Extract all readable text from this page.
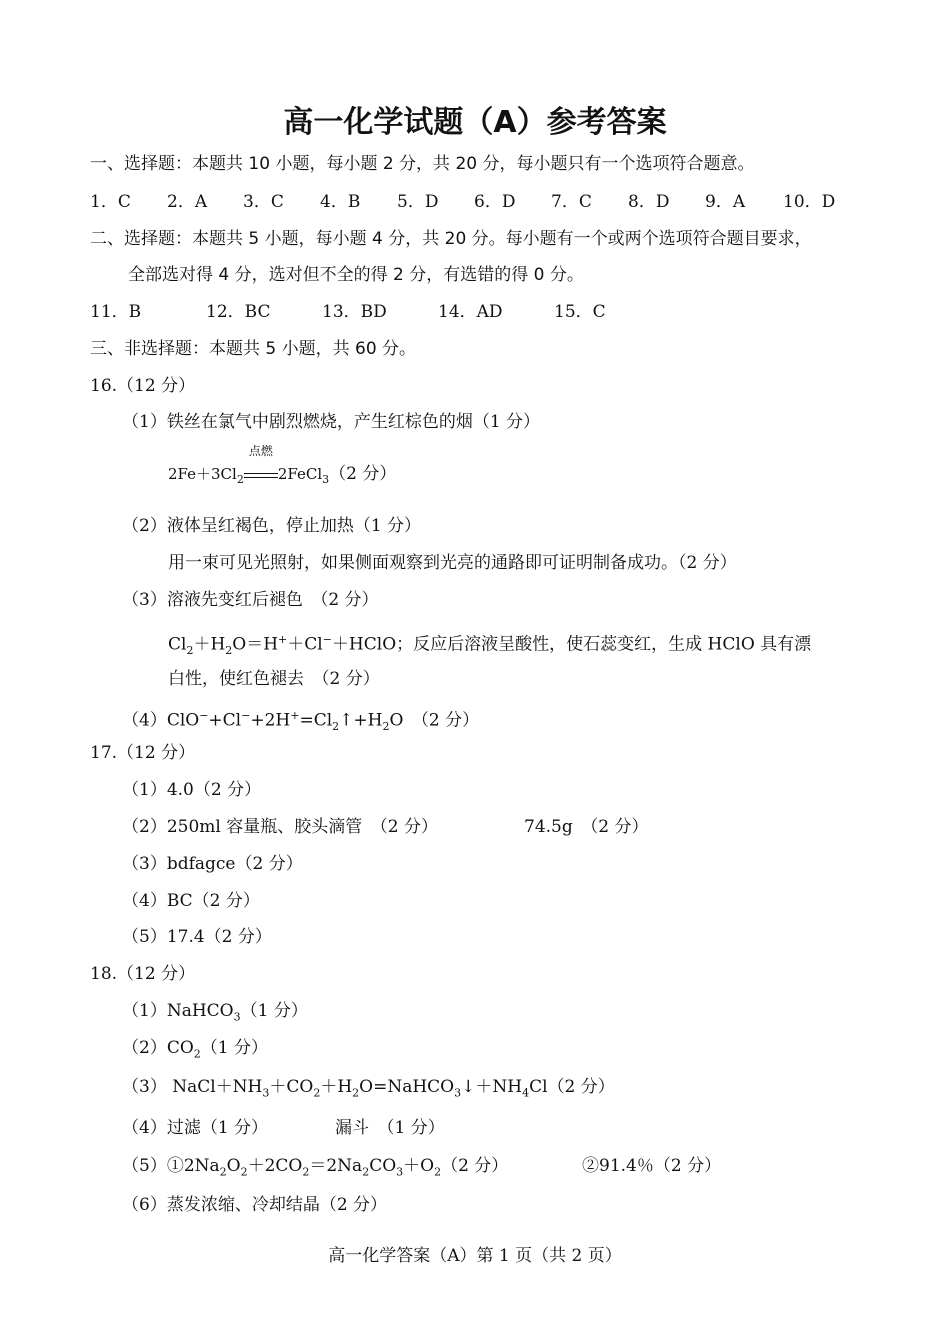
高一化学试题（A）参考答案
一、选择题：本题共 10 小题，每小题 2 分，共 20 分，每小题只有一个选项符合题意。
1．C 2．A 3．C 4．B 5．D 6．D 7．C 8．D 9．A 10．D
二、选择题：本题共 5 小题，每小题 4 分，共 20 分。每小题有一个或两个选项符合题目要求，
全部选对得 4 分，选对但不全的得 2 分，有选错的得 0 分。
11．B	12．BC	13．BD	14．AD	15．C
三、非选择题：本题共 5 小题，共 60 分。
16.（12 分）
（1）铁丝在氯气中剧烈燃烧，产生红棕色的烟（1 分）
$2Fe+3Cl_2$
点燃
2FeCl$_3$（2 分）
（2）液体呈红褐色，停止加热（1 分）
用一束可见光照射，如果侧面观察到光亮的通路即可证明制备成功。（2 分）
（3）溶液先变红后褪色　（2 分）
$Cl_2+H_2O=H^++Cl^-+HClO$；反应后溶液呈酸性，使石蕊变红，生成 HClO 具有漂
白性，使红色褪去　（2 分）
$(4)ClO^-+Cl^-+2H^+=Cl_2↑+H_2O$　（2 分）
17.（12 分）
（1）4.0（2 分）
（2）250ml 容量瓶、胶头滴管　（2 分）	74.5g　（2 分）
（3）bdfagce（2 分）
（4）BC（2 分）
（5）17.4（2 分）
18.（12 分）
（1）NaHCO$_3$（1 分）
$(2)CO_2(1$ 分）
（3） $NaCl+NH_3+CO_2+H_2O=NaHCO_3↓+NH_4Cl(2$ 分）
（4）过滤（1 分）	漏斗　（1 分）
$(5)①2Na_2O_2+2CO_2=2Na_2CO_3+O_2(2$ 分）	②91.4％（2 分）
（6）蒸发浓缩、冷却结晶（2 分）
高一化学答案（A）第 1 页（共 2 页）
